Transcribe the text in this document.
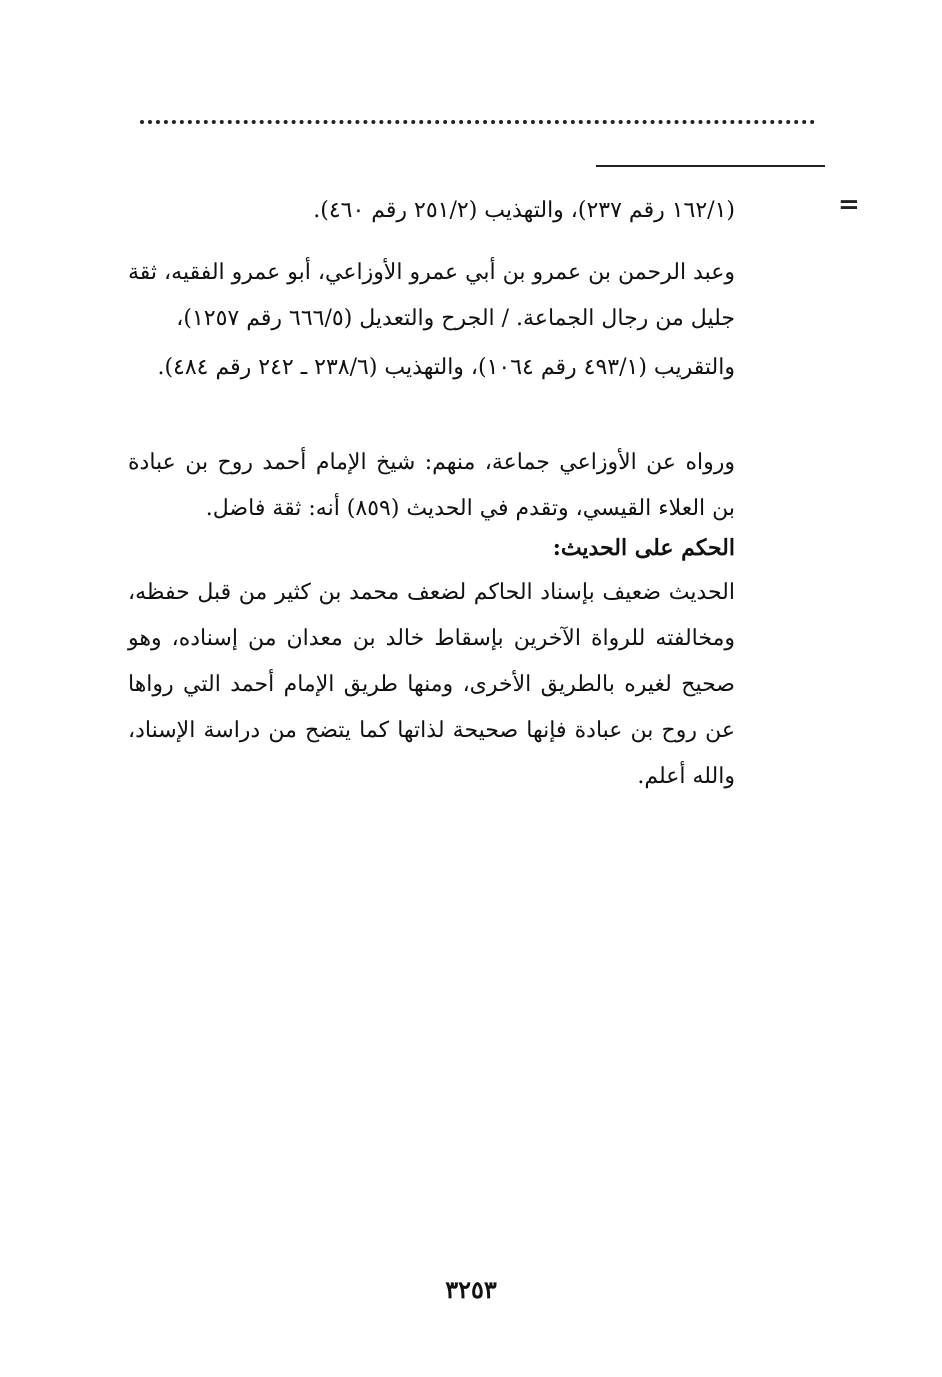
=
(١٦٢/١ رقم ٢٣٧)، والتهذيب (٢٥١/٢ رقم ٤٦٠).
وعبد الرحمن بن عمرو بن أبي عمرو الأوزاعي، أبو عمرو الفقيه، ثقة جليل من رجال الجماعة. / الجرح والتعديل (٦٦٦/٥ رقم ١٢٥٧)،
والتقريب (٤٩٣/١ رقم ١٠٦٤)، والتهذيب (٢٣٨/٦ ـ ٢٤٢ رقم ٤٨٤).
ورواه عن الأوزاعي جماعة، منهم: شيخ الإمام أحمد روح بن عبادة بن العلاء القيسي، وتقدم في الحديث (٨٥٩) أنه: ثقة فاضل.
الحكم على الحديث:
الحديث ضعيف بإسناد الحاكم لضعف محمد بن كثير من قبل حفظه، ومخالفته للرواة الآخرين بإسقاط خالد بن معدان من إسناده، وهو صحيح لغيره بالطريق الأخرى، ومنها طريق الإمام أحمد التي رواها عن روح بن عبادة فإنها صحيحة لذاتها كما يتضح من دراسة الإسناد، والله أعلم.
٣٢٥٣
